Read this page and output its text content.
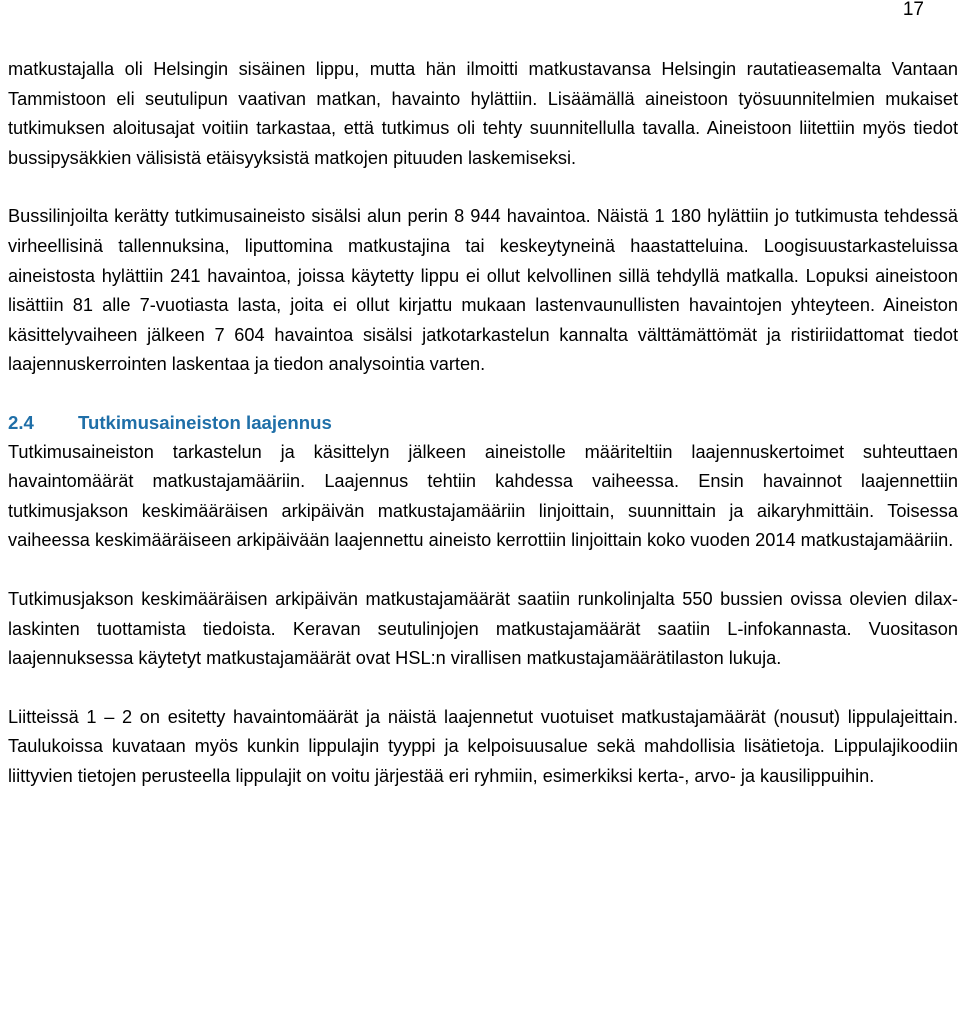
17

matkustajalla oli Helsingin sisäinen lippu, mutta hän ilmoitti matkustavansa Helsingin rautatieasemalta Vantaan Tammistoon eli seutulipun vaativan matkan, havainto hylättiin. Lisäämällä aineistoon työsuunnitelmien mukaiset tutkimuksen aloitusajat voitiin tarkastaa, että tutkimus oli tehty suunnitellulla tavalla. Aineistoon liitettiin myös tiedot bussipysäkkien välisistä etäisyyksistä matkojen pituuden laskemiseksi.

Bussilinjoilta kerätty tutkimusaineisto sisälsi alun perin 8 944 havaintoa. Näistä 1 180 hylättiin jo tutkimusta tehdessä virheellisinä tallennuksina, liputtomina matkustajina tai keskeytyneinä haastatteluina. Loogisuustarkasteluissa aineistosta hylättiin 241 havaintoa, joissa käytetty lippu ei ollut kelvollinen sillä tehdyllä matkalla. Lopuksi aineistoon lisättiin 81 alle 7-vuotiasta lasta, joita ei ollut kirjattu mukaan lastenvaunullisten havaintojen yhteyteen. Aineiston käsittelyvaiheen jälkeen 7 604 havaintoa sisälsi jatkotarkastelun kannalta välttämättömät ja ristiriidattomat tiedot laajennuskerrointen laskentaa ja tiedon analysointia varten.

2.4 Tutkimusaineiston laajennus

Tutkimusaineiston tarkastelun ja käsittelyn jälkeen aineistolle määriteltiin laajennuskertoimet suhteuttaen havaintomäärät matkustajamääriin. Laajennus tehtiin kahdessa vaiheessa. Ensin havainnot laajennettiin tutkimusjakson keskimääräisen arkipäivän matkustajamääriin linjoittain, suunnittain ja aikaryhmittäin. Toisessa vaiheessa keskimääräiseen arkipäivään laajennettu aineisto kerrottiin linjoittain koko vuoden 2014 matkustajamääriin.

Tutkimusjakson keskimääräisen arkipäivän matkustajamäärät saatiin runkolinjalta 550 bussien ovissa olevien dilax-laskinten tuottamista tiedoista. Keravan seutulinjojen matkustajamäärät saatiin L-infokannasta. Vuositason laajennuksessa käytetyt matkustajamäärät ovat HSL:n virallisen matkustajamäärätilaston lukuja.

Liitteissä 1 – 2 on esitetty havaintomäärät ja näistä laajennetut vuotuiset matkustajamäärät (nousut) lippulajeittain. Taulukoissa kuvataan myös kunkin lippulajin tyyppi ja kelpoisuusalue sekä mahdollisia lisätietoja. Lippulajikoodiin liittyvien tietojen perusteella lippulajit on voitu järjestää eri ryhmiin, esimerkiksi kerta-, arvo- ja kausilippuihin.
